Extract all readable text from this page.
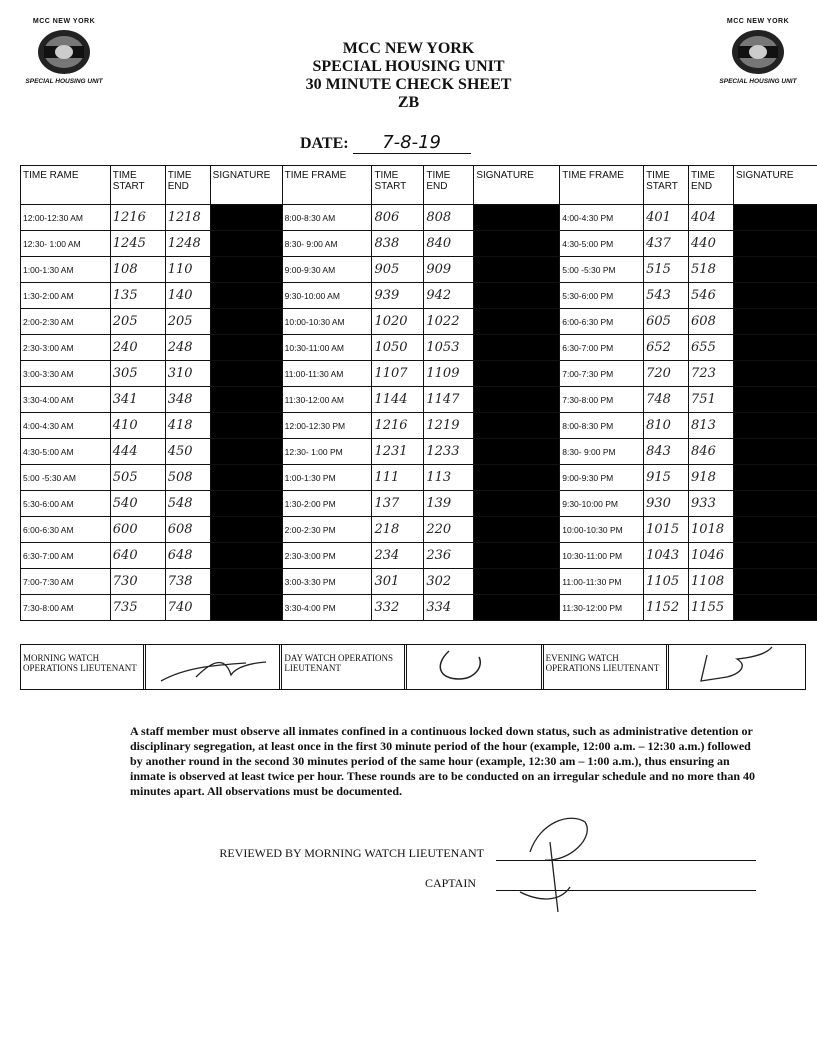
MCC NEW YORK
SPECIAL HOUSING UNIT
MCC NEW YORK
SPECIAL HOUSING UNIT
MCC NEW YORK
SPECIAL HOUSING UNIT
30 MINUTE CHECK SHEET
ZB
DATE: 7-8-19
TIME RAME	TIME START	TIME END	SIGNATURE	TIME FRAME	TIME START	TIME END	SIGNATURE	TIME FRAME	TIME START	TIME END	SIGNATURE
12:00-12:30 AM	1216	1218		8:00-8:30 AM	806	808		4:00-4:30 PM	401	404	
12:30- 1:00 AM	1245	1248		8:30- 9:00 AM	838	840		4:30-5:00 PM	437	440	
1:00-1:30 AM	108	110		9:00-9:30 AM	905	909		5:00 -5:30 PM	515	518	
1:30-2:00 AM	135	140		9:30-10:00 AM	939	942		5:30-6:00 PM	543	546	
2:00-2:30 AM	205	205		10:00-10:30 AM	1020	1022		6:00-6:30 PM	605	608	
2:30-3:00 AM	240	248		10:30-11:00 AM	1050	1053		6:30-7:00 PM	652	655	
3:00-3:30 AM	305	310		11:00-11:30 AM	1107	1109		7:00-7:30 PM	720	723	
3:30-4:00 AM	341	348		11:30-12:00 AM	1144	1147		7:30-8:00 PM	748	751	
4:00-4:30 AM	410	418		12:00-12:30 PM	1216	1219		8:00-8:30 PM	810	813	
4:30-5:00 AM	444	450		12:30- 1:00 PM	1231	1233		8:30- 9:00 PM	843	846	
5:00 -5:30 AM	505	508		1:00-1:30 PM	111	113		9:00-9:30 PM	915	918	
5:30-6:00 AM	540	548		1:30-2:00 PM	137	139		9:30-10:00 PM	930	933	
6:00-6:30 AM	600	608		2:00-2:30 PM	218	220		10:00-10:30 PM	1015	1018	
6:30-7:00 AM	640	648		2:30-3:00 PM	234	236		10:30-11:00 PM	1043	1046	
7:00-7:30 AM	730	738		3:00-3:30 PM	301	302		11:00-11:30 PM	1105	1108	
7:30-8:00 AM	735	740		3:30-4:00 PM	332	334		11:30-12:00 PM	1152	1155	
MORNING WATCH OPERATIONS LIEUTENANT
DAY WATCH OPERATIONS LIEUTENANT
EVENING WATCH OPERATIONS LIEUTENANT
A staff member must observe all inmates confined in a continuous locked down status, such as administrative detention or disciplinary segregation, at least once in the first 30 minute period of the hour (example, 12:00 a.m. – 12:30 a.m.) followed by another round in the second 30 minutes period of the same hour (example, 12:30 am – 1:00 a.m.), thus ensuring an inmate is observed at least twice per hour. These rounds are to be conducted on an irregular schedule and no more than 40 minutes apart. All observations must be documented.
REVIEWED BY MORNING WATCH LIEUTENANT
CAPTAIN
